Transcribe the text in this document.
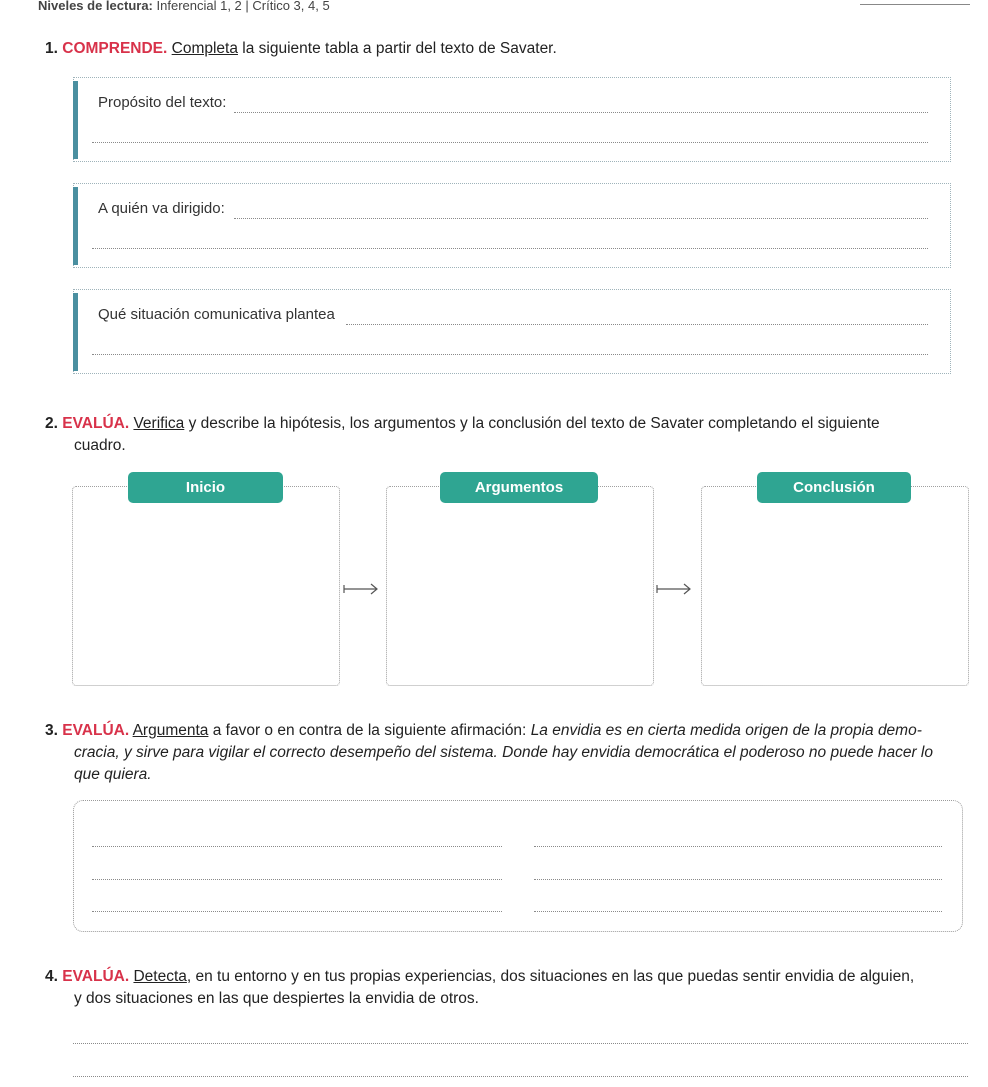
Niveles de lectura: Inferencial 1, 2 | Crítico 3, 4, 5
1. COMPRENDE. Completa la siguiente tabla a partir del texto de Savater.
Propósito del texto:
A quién va dirigido:
Qué situación comunicativa plantea
2. EVALÚA. Verifica y describe la hipótesis, los argumentos y la conclusión del texto de Savater completando el siguiente
cuadro.
Inicio	Argumentos	Conclusión
3. EVALÚA. Argumenta a favor o en contra de la siguiente afirmación: La envidia es en cierta medida origen de la propia demo-
cracia, y sirve para vigilar el correcto desempeño del sistema. Donde hay envidia democrática el poderoso no puede hacer lo
que quiera.
4. EVALÚA. Detecta, en tu entorno y en tus propias experiencias, dos situaciones en las que puedas sentir envidia de alguien,
y dos situaciones en las que despiertes la envidia de otros.
